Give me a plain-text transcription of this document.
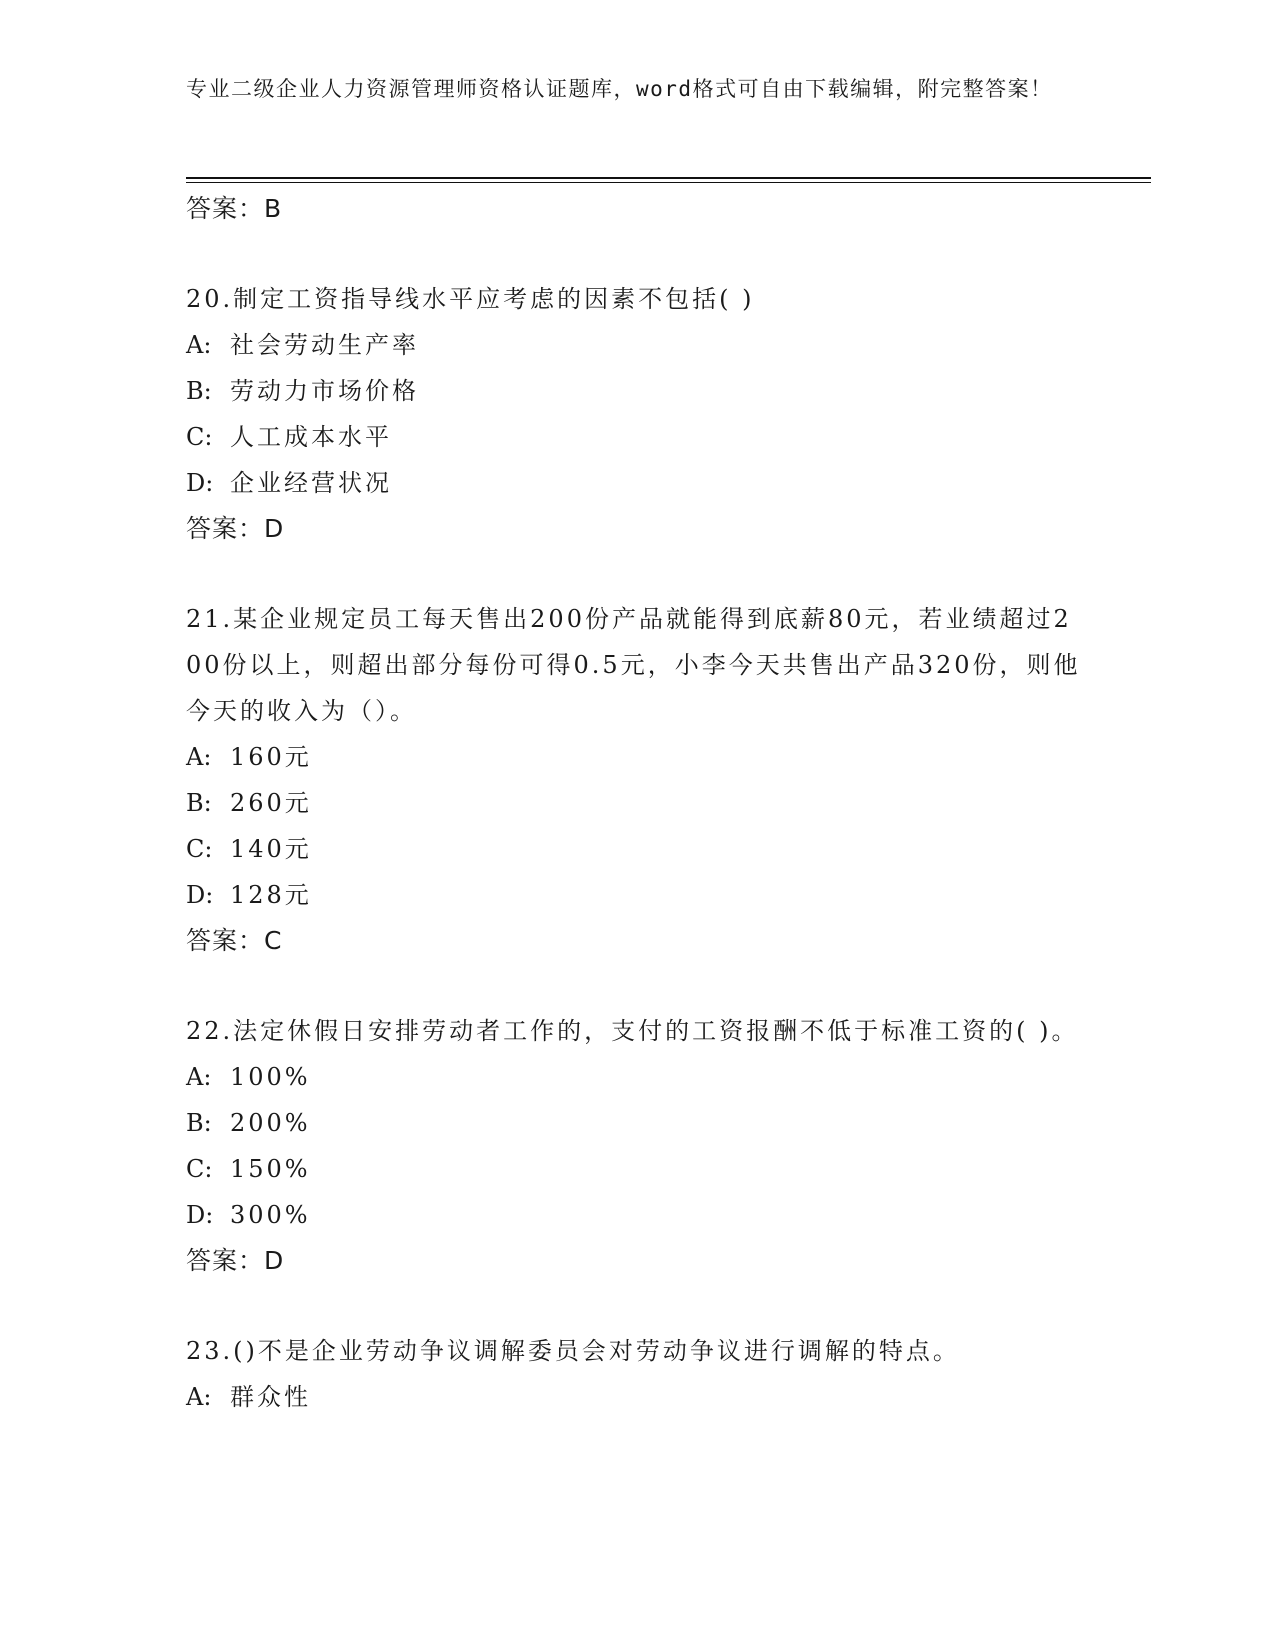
专业二级企业人力资源管理师资格认证题库，word格式可自由下载编辑，附完整答案！
答案：B
20.制定工资指导线水平应考虑的因素不包括( )
A: 社会劳动生产率
B: 劳动力市场价格
C: 人工成本水平
D: 企业经营状况
答案：D
21.某企业规定员工每天售出200份产品就能得到底薪80元，若业绩超过200份以上，则超出部分每份可得0.5元，小李今天共售出产品320份，则他今天的收入为（）。
A: 160元
B: 260元
C: 140元
D: 128元
答案：C
22.法定休假日安排劳动者工作的，支付的工资报酬不低于标准工资的( )。
A: 100%
B: 200%
C: 150%
D: 300%
答案：D
23.()不是企业劳动争议调解委员会对劳动争议进行调解的特点。
A: 群众性
